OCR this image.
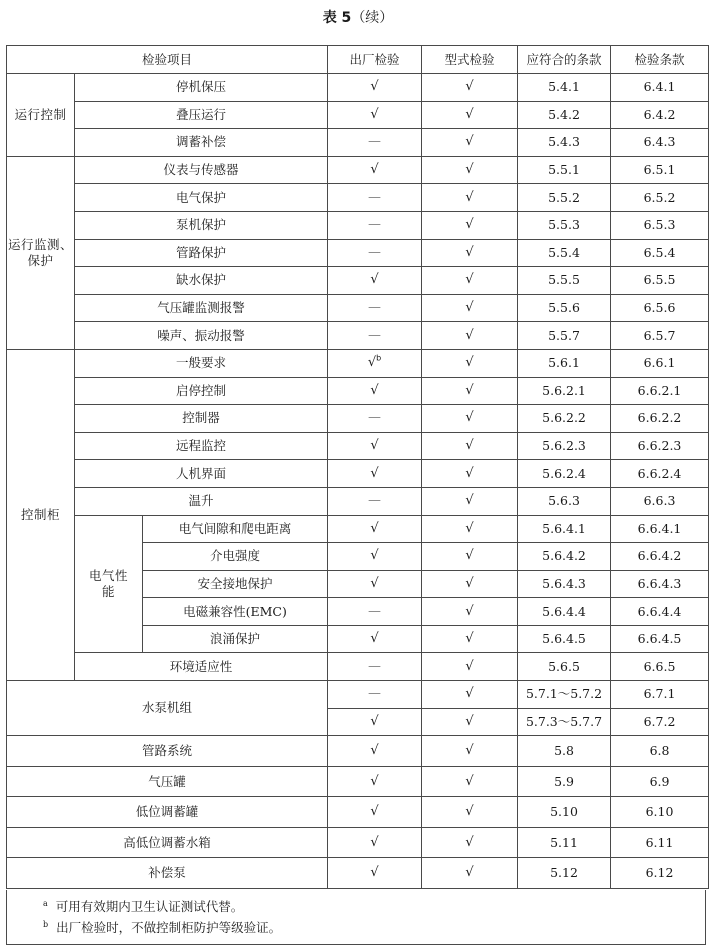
表 5（续）
检验项目			出厂检验	型式检验	应符合的条款	检验条款
运行控制	停机保压		√	√	5.4.1	6.4.1
	叠压运行		√	√	5.4.2	6.4.2
	调蓄补偿		—	√	5.4.3	6.4.3
运行监测、保护	仪表与传感器		√	√	5.5.1	6.5.1
	电气保护		—	√	5.5.2	6.5.2
	泵机保护		—	√	5.5.3	6.5.3
	管路保护		—	√	5.5.4	6.5.4
	缺水保护		√	√	5.5.5	6.5.5
	气压罐监测报警		—	√	5.5.6	6.5.6
	噪声、振动报警		—	√	5.5.7	6.5.7
控制柜	一般要求		√$^b$	√	5.6.1	6.6.1
	启停控制		√	√	5.6.2.1	6.6.2.1
	控制器		—	√	5.6.2.2	6.6.2.2
	远程监控		√	√	5.6.2.3	6.6.2.3
	人机界面		√	√	5.6.2.4	6.6.2.4
	温升		—	√	5.6.3	6.6.3
	电气性能	电气间隙和爬电距离	√	√	5.6.4.1	6.6.4.1
		介电强度	√	√	5.6.4.2	6.6.4.2
		安全接地保护	√	√	5.6.4.3	6.6.4.3
		电磁兼容性(EMC)	—	√	5.6.4.4	6.6.4.4
		浪涌保护	√	√	5.6.4.5	6.6.4.5
	环境适应性		—	√	5.6.5	6.6.5
水泵机组			—	√	5.7.1～5.7.2	6.7.1
			√	√	5.7.3～5.7.7	6.7.2
管路系统			√	√	5.8	6.8
气压罐			√	√	5.9	6.9
低位调蓄罐			√	√	5.10	6.10
高低位调蓄水箱			√	√	5.11	6.11
补偿泵			√	√	5.12	6.12
$^a$ 可用有效期内卫生认证测试代替。
$^b$ 出厂检验时，不做控制柜防护等级验证。
